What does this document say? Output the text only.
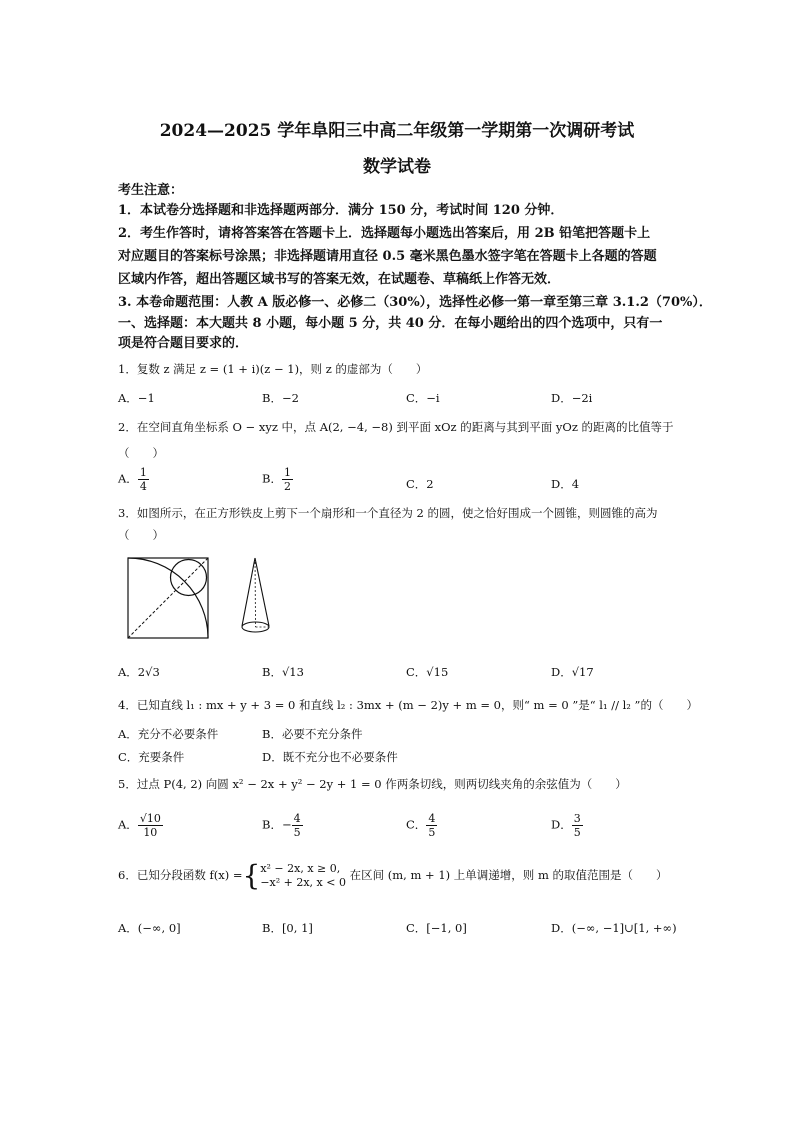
2024—2025 学年阜阳三中高二年级第一学期第一次调研考试
数学试卷
考生注意：
1．本试卷分选择题和非选择题两部分．满分 150 分，考试时间 120 分钟．
2．考生作答时，请将答案答在答题卡上．选择题每小题选出答案后，用 2B 铅笔把答题卡上
对应题目的答案标号涂黑；非选择题请用直径 0.5 毫米黑色墨水签字笔在答题卡上各题的答题
区域内作答，超出答题区域书写的答案无效，在试题卷、草稿纸上作答无效．
3. 本卷命题范围：人教 A 版必修一、必修二（30%），选择性必修一第一章至第三章 3.1.2（70%）．
一、选择题：本大题共 8 小题，每小题 5 分，共 40 分．在每小题给出的四个选项中，只有一
项是符合题目要求的．
1．复数 z 满足 z = (1 + i)(z − 1)，则 z 的虚部为（　　）
A．−1	B．−2	C．−i	D．−2i
2．在空间直角坐标系 O − xyz 中，点 A(2, −4, −8) 到平面 xOz 的距离与其到平面 yOz 的距离的比值等于
（　　）
A． $\frac{1}{4}$	B． $\frac{1}{2}$	C．2	D．4
3．如图所示，在正方形铁皮上剪下一个扇形和一个直径为 2 的圆，使之恰好围成一个圆锥，则圆锥的高为
（　　）
A．2√3	B．√13	C．√15	D．√17
4．已知直线 l₁ : mx + y + 3 = 0 和直线 l₂ : 3mx + (m − 2)y + m = 0，则“ m = 0 ”是“ l₁ // l₂ ”的（　　）
A．充分不必要条件	B．必要不充分条件
C．充要条件	D．既不充分也不必要条件
5．过点 P(4, 2) 向圆 x² − 2x + y² − 2y + 1 = 0 作两条切线，则两切线夹角的余弦值为（　　）
A． $\frac{√10}{10}$	B．− $\frac{4}{5}$	C． $\frac{4}{5}$	D． $\frac{3}{5}$
6．已知分段函数 f(x) ={ x² − 2x, x ≥ 0,
−x² + 2x, x < 0
在区间 (m, m + 1) 上单调递增，则 m 的取值范围是（　　）
A．(−∞, 0]	B．[0, 1]	C．[−1, 0]	D．(−∞, −1]∪[1, +∞)
